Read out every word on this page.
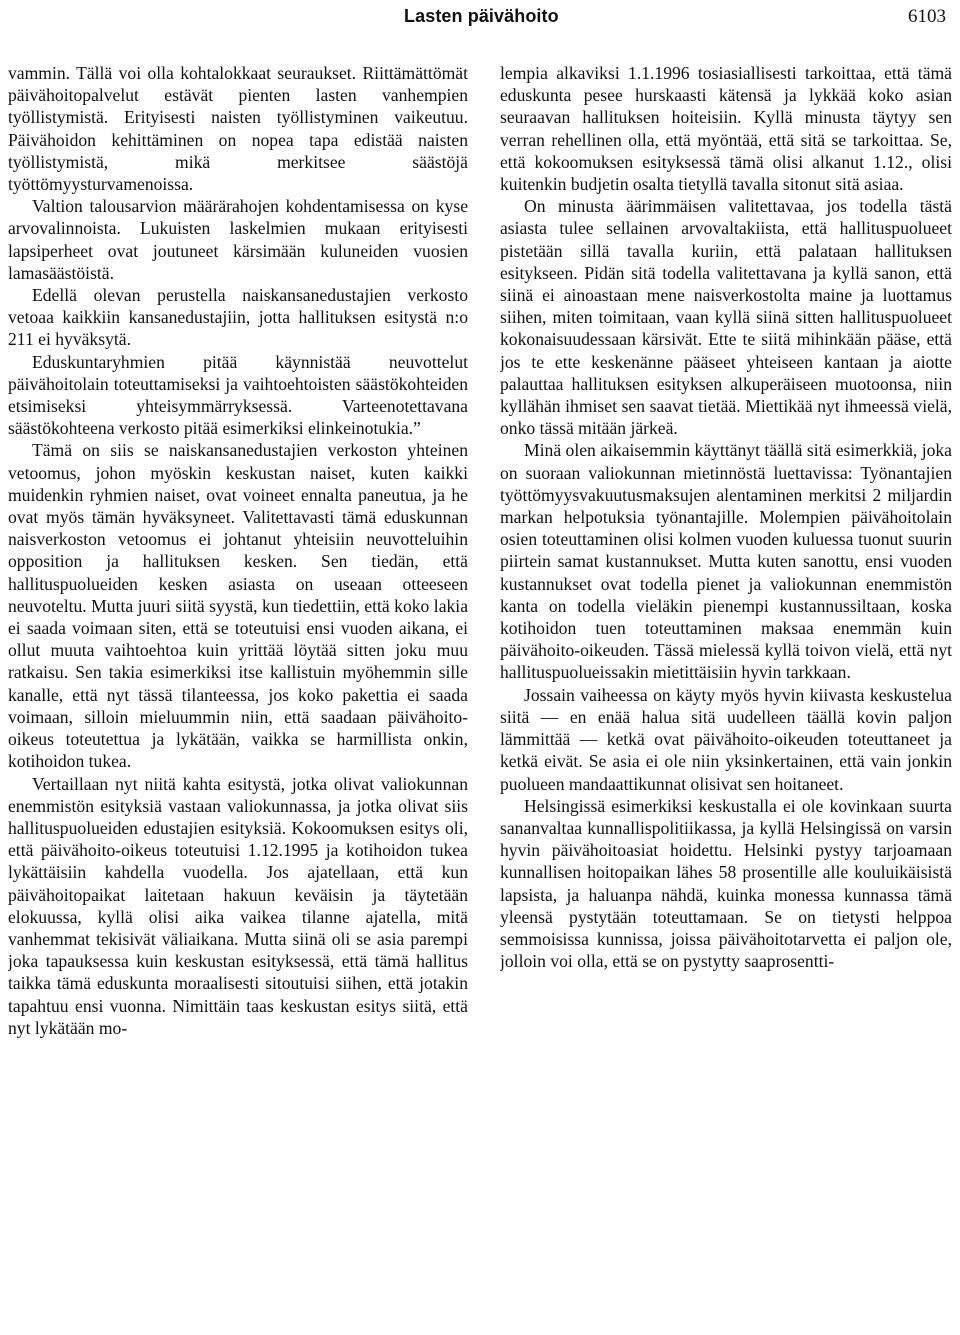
Lasten päivähoito	6103

vammin. Tällä voi olla kohtalokkaat seuraukset. Riittämättömät päivähoitopalvelut estävät pienten lasten vanhempien työllistymistä. Erityisesti naisten työllistyminen vaikeutuu. Päivähoidon kehittäminen on nopea tapa edistää naisten työllistymistä, mikä merkitsee säästöjä työttömyysturvamenoissa.

Valtion talousarvion määrärahojen kohdentamisessa on kyse arvovalinnoista. Lukuisten laskelmien mukaan erityisesti lapsiperheet ovat joutuneet kärsimään kuluneiden vuosien lamasäästöistä.

Edellä olevan perustella naiskansanedustajien verkosto vetoaa kaikkiin kansanedustajiin, jotta hallituksen esitystä n:o 211 ei hyväksytä.

Eduskuntaryhmien pitää käynnistää neuvottelut päivähoitolain toteuttamiseksi ja vaihtoehtoisten säästökohteiden etsimiseksi yhteisymmärryksessä. Varteenotettavana säästökohteena verkosto pitää esimerkiksi elinkeinotukia.”

Tämä on siis se naiskansanedustajien verkoston yhteinen vetoomus, johon myöskin keskustan naiset, kuten kaikki muidenkin ryhmien naiset, ovat voineet ennalta paneutua, ja he ovat myös tämän hyväksyneet. Valitettavasti tämä eduskunnan naisverkoston vetoomus ei johtanut yhteisiin neuvotteluihin opposition ja hallituksen kesken. Sen tiedän, että hallituspuolueiden kesken asiasta on useaan otteeseen neuvoteltu. Mutta juuri siitä syystä, kun tiedettiin, että koko lakia ei saada voimaan siten, että se toteutuisi ensi vuoden aikana, ei ollut muuta vaihtoehtoa kuin yrittää löytää sitten joku muu ratkaisu. Sen takia esimerkiksi itse kallistuin myöhemmin sille kanalle, että nyt tässä tilanteessa, jos koko pakettia ei saada voimaan, silloin mieluummin niin, että saadaan päivähoito-oikeus toteutettua ja lykätään, vaikka se harmillista onkin, kotihoidon tukea.

Vertaillaan nyt niitä kahta esitystä, jotka olivat valiokunnan enemmistön esityksiä vastaan valiokunnassa, ja jotka olivat siis hallituspuolueiden edustajien esityksiä. Kokoomuksen esitys oli, että päivähoito-oikeus toteutuisi 1.12.1995 ja kotihoidon tukea lykättäisiin kahdella vuodella. Jos ajatellaan, että kun päivähoitopaikat laitetaan hakuun keväisin ja täytetään elokuussa, kyllä olisi aika vaikea tilanne ajatella, mitä vanhemmat tekisivät väliaikana. Mutta siinä oli se asia parempi joka tapauksessa kuin keskustan esityksessä, että tämä hallitus taikka tämä eduskunta moraalisesti sitoutuisi siihen, että jotakin tapahtuu ensi vuonna. Nimittäin taas keskustan esitys siitä, että nyt lykätään mo-

lempia alkaviksi 1.1.1996 tosiasiallisesti tarkoittaa, että tämä eduskunta pesee hurskaasti kätensä ja lykkää koko asian seuraavan hallituksen hoiteisiin. Kyllä minusta täytyy sen verran rehellinen olla, että myöntää, että sitä se tarkoittaa. Se, että kokoomuksen esityksessä tämä olisi alkanut 1.12., olisi kuitenkin budjetin osalta tietyllä tavalla sitonut sitä asiaa.

On minusta äärimmäisen valitettavaa, jos todella tästä asiasta tulee sellainen arvovaltakiista, että hallituspuolueet pistetään sillä tavalla kuriin, että palataan hallituksen esitykseen. Pidän sitä todella valitettavana ja kyllä sanon, että siinä ei ainoastaan mene naisverkostolta maine ja luottamus siihen, miten toimitaan, vaan kyllä siinä sitten hallituspuolueet kokonaisuudessaan kärsivät. Ette te siitä mihinkään pääse, että jos te ette keskenänne pääseet yhteiseen kantaan ja aiotte palauttaa hallituksen esityksen alkuperäiseen muotoonsa, niin kyllähän ihmiset sen saavat tietää. Miettikää nyt ihmeessä vielä, onko tässä mitään järkeä.

Minä olen aikaisemmin käyttänyt täällä sitä esimerkkiä, joka on suoraan valiokunnan mietinnöstä luettavissa: Työnantajien työttömyysvakuutusmaksujen alentaminen merkitsi 2 miljardin markan helpotuksia työnantajille. Molempien päivähoitolain osien toteuttaminen olisi kolmen vuoden kuluessa tuonut suurin piirtein samat kustannukset. Mutta kuten sanottu, ensi vuoden kustannukset ovat todella pienet ja valiokunnan enemmistön kanta on todella vieläkin pienempi kustannussiltaan, koska kotihoidon tuen toteuttaminen maksaa enemmän kuin päivähoito-oikeuden. Tässä mielessä kyllä toivon vielä, että nyt hallituspuolueissakin mietittäisiin hyvin tarkkaan.

Jossain vaiheessa on käyty myös hyvin kiivasta keskustelua siitä — en enää halua sitä uudelleen täällä kovin paljon lämmittää — ketkä ovat päivähoito-oikeuden toteuttaneet ja ketkä eivät. Se asia ei ole niin yksinkertainen, että vain jonkin puolueen mandaattikunnat olisivat sen hoitaneet.

Helsingissä esimerkiksi keskustalla ei ole kovinkaan suurta sananvaltaa kunnallispolitiikassa, ja kyllä Helsingissä on varsin hyvin päivähoitoasiat hoidettu. Helsinki pystyy tarjoamaan kunnallisen hoitopaikan lähes 58 prosentille alle kouluikäisistä lapsista, ja haluanpa nähdä, kuinka monessa kunnassa tämä yleensä pystytään toteuttamaan. Se on tietysti helppoa semmoisissa kunnissa, joissa päivähoitotarvetta ei paljon ole, jolloin voi olla, että se on pystytty saaprosentti-
